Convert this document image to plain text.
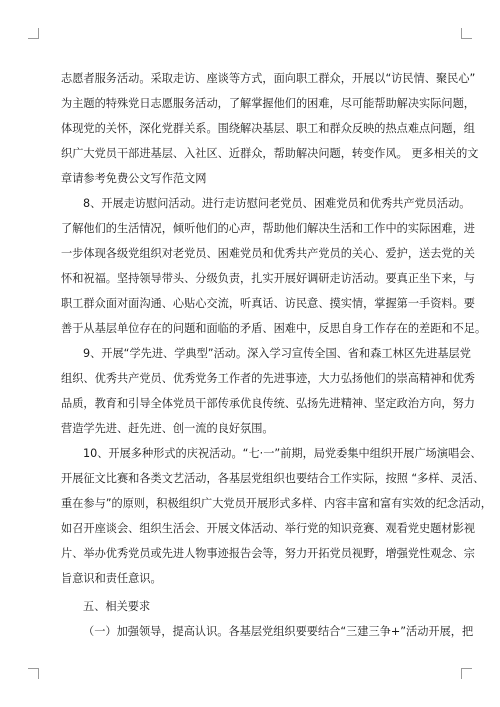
志愿者服务活动。采取走访、座谈等方式，面向职工群众，开展以“访民情、聚民心”
为主题的特殊党日志愿服务活动，了解掌握他们的困难，尽可能帮助解决实际问题，
体现党的关怀，深化党群关系。围绕解决基层、职工和群众反映的热点难点问题，组
织广大党员干部进基层、入社区、近群众，帮助解决问题，转变作风。 更多相关的文
章请参考免费公文写作范文网
8、开展走访慰问活动。进行走访慰问老党员、困难党员和优秀共产党员活动。
了解他们的生活情况，倾听他们的心声，帮助他们解决生活和工作中的实际困难，进
一步体现各级党组织对老党员、困难党员和优秀共产党员的关心、爱护，送去党的关
怀和祝福。坚持领导带头、分级负责，扎实开展好调研走访活动。要真正坐下来，与
职工群众面对面沟通、心贴心交流，听真话、访民意、摸实情，掌握第一手资料。要
善于从基层单位存在的问题和面临的矛盾、困难中，反思自身工作存在的差距和不足。
9、开展“学先进、学典型”活动。深入学习宣传全国、省和森工林区先进基层党
组织、优秀共产党员、优秀党务工作者的先进事迹，大力弘扬他们的崇高精神和优秀
品质，教育和引导全体党员干部传承优良传统、弘扬先进精神、坚定政治方向，努力
营造学先进、赶先进、创一流的良好氛围。
10、开展多种形式的庆祝活动。“七·一”前期，局党委集中组织开展广场演唱会、
开展征文比赛和各类文艺活动，各基层党组织也要结合工作实际，按照 “多样、灵活、
重在参与”的原则，积极组织广大党员开展形式多样、内容丰富和富有实效的纪念活动，
如召开座谈会、组织生活会、开展文体活动、举行党的知识竞赛、观看党史题材影视
片、举办优秀党员或先进人物事迹报告会等，努力开拓党员视野，增强党性观念、宗
旨意识和责任意识。
五、相关要求
（一）加强领导，提高认识。各基层党组织要要结合“三建三争+”活动开展，把
